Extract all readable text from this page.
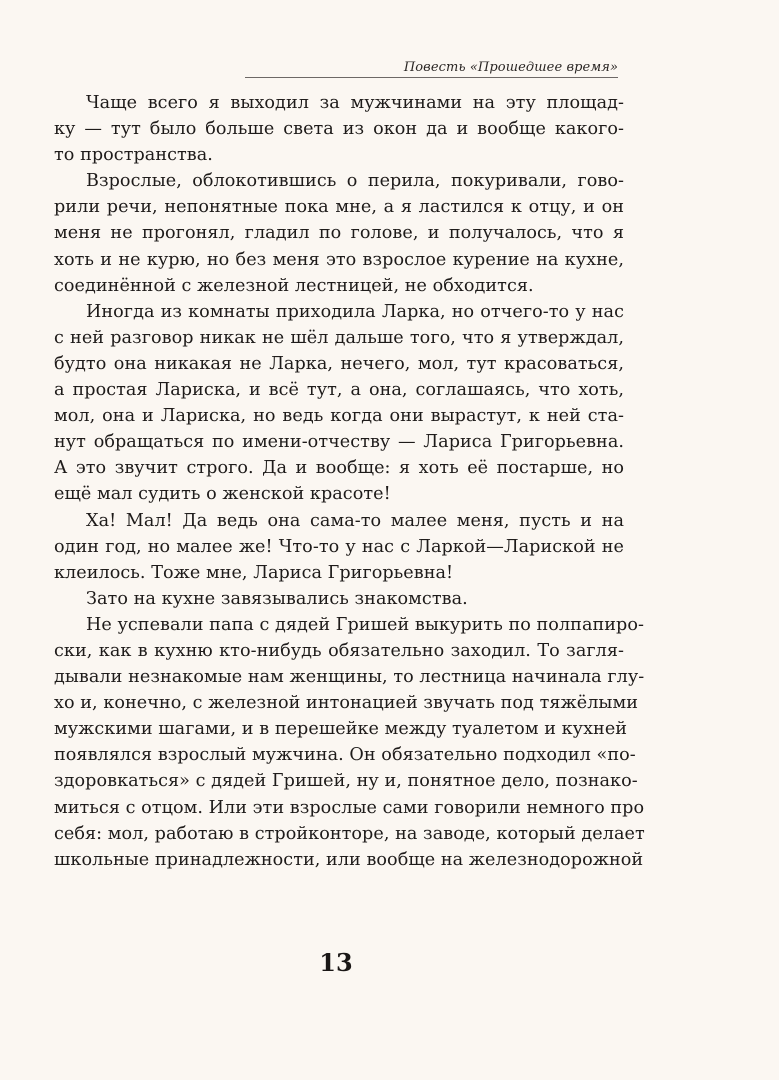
Повесть «Прошедшее время»
Чаще всего я выходил за мужчинами на эту площад-
ку — тут было больше света из окон да и вообще какого-
то пространства.
Взрослые, облокотившись о перила, покуривали, гово-
рили речи, непонятные пока мне, а я ластился к отцу, и он
меня не прогонял, гладил по голове, и получалось, что я
хоть и не курю, но без меня это взрослое курение на кухне,
соединённой с железной лестницей, не обходится.
Иногда из комнаты приходила Ларка, но отчего-то у нас
с ней разговор никак не шёл дальше того, что я утверждал,
будто она никакая не Ларка, нечего, мол, тут красоваться,
а простая Лариска, и всё тут, а она, соглашаясь, что хоть,
мол, она и Лариска, но ведь когда они вырастут, к ней ста-
нут обращаться по имени-отчеству — Лариса Григорьевна.
А это звучит строго. Да и вообще: я хоть её постарше, но
ещё мал судить о женской красоте!
Ха! Мал! Да ведь она сама-то малее меня, пусть и на
один год, но малее же! Что-то у нас с Ларкой—Лариской не
клеилось. Тоже мне, Лариса Григорьевна!
Зато на кухне завязывались знакомства.
Не успевали папа с дядей Гришей выкурить по полпапиро-
ски, как в кухню кто-нибудь обязательно заходил. То загля-
дывали незнакомые нам женщины, то лестница начинала глу-
хо и, конечно, с железной интонацией звучать под тяжёлыми
мужскими шагами, и в перешейке между туалетом и кухней
появлялся взрослый мужчина. Он обязательно подходил «по-
здоровкаться» с дядей Гришей, ну и, понятное дело, познако-
миться с отцом. Или эти взрослые сами говорили немного про
себя: мол, работаю в стройконторе, на заводе, который делает
школьные принадлежности, или вообще на железнодорожной
13
